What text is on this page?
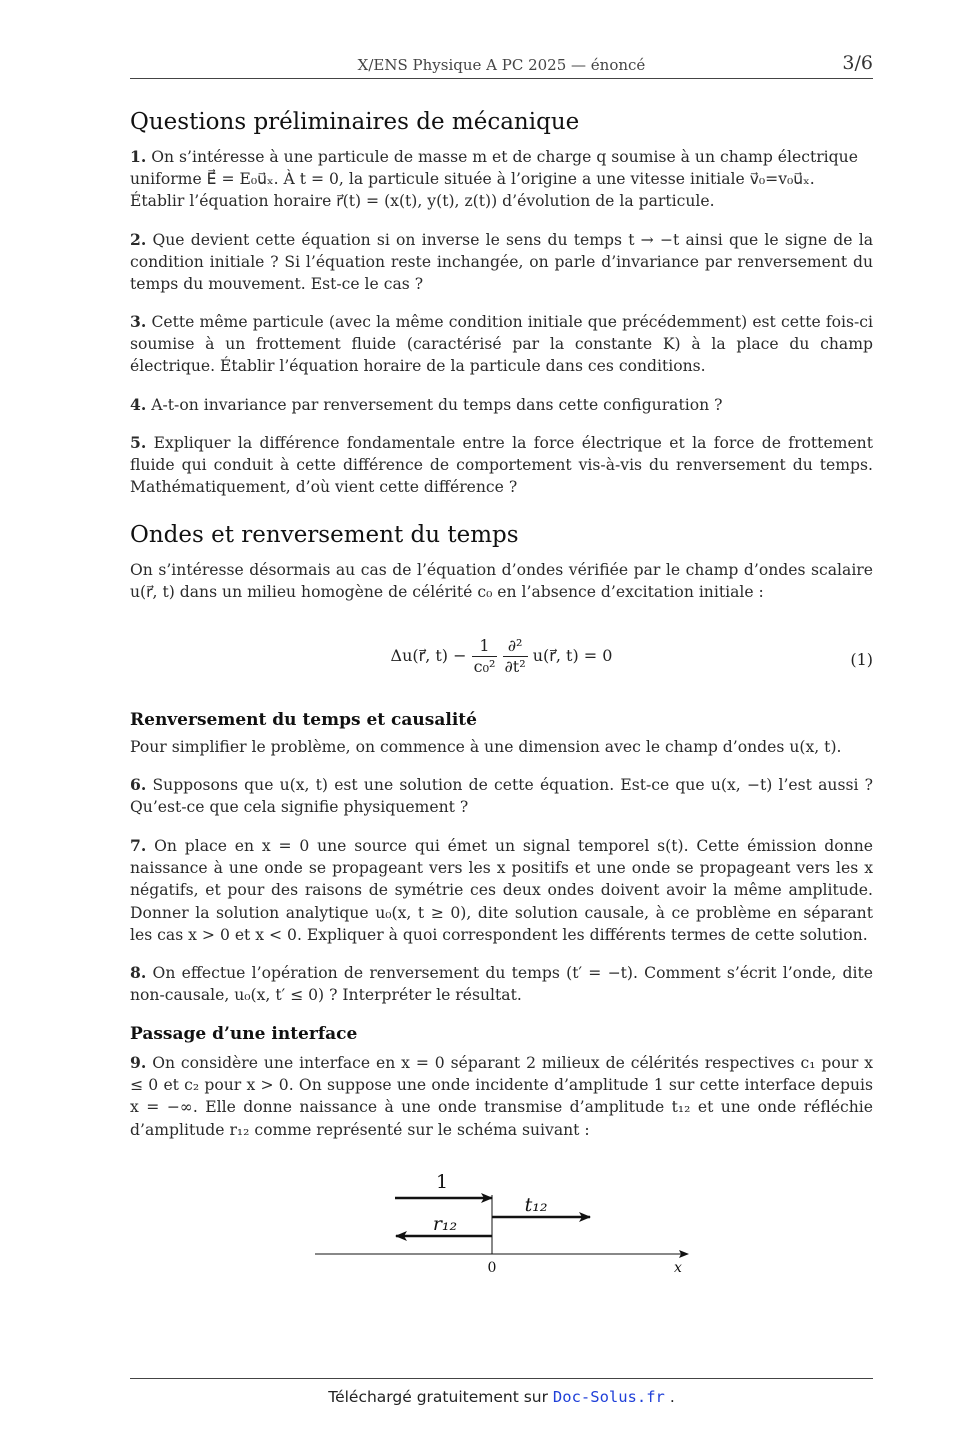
X/ENS Physique A PC 2025 — énoncé	3/6
Questions préliminaires de mécanique

1. On s’intéresse à une particule de masse m et de charge q soumise à un champ électrique
uniforme E⃗ = E₀u⃗ₓ. À t = 0, la particule située à l’origine a une vitesse initiale v⃗₀=v₀u⃗ₓ.
Établir l’équation horaire r⃗(t) = (x(t), y(t), z(t)) d’évolution de la particule.

2. Que devient cette équation si on inverse le sens du temps t → −t ainsi que le signe de la condition initiale ? Si l’équation reste inchangée, on parle d’invariance par renversement du temps du mouvement. Est-ce le cas ?

3. Cette même particule (avec la même condition initiale que précédemment) est cette fois-ci soumise à un frottement fluide (caractérisé par la constante K) à la place du champ électrique. Établir l’équation horaire de la particule dans ces conditions.

4. A-t-on invariance par renversement du temps dans cette configuration ?

5. Expliquer la différence fondamentale entre la force électrique et la force de frottement fluide qui conduit à cette différence de comportement vis-à-vis du renversement du temps. Mathématiquement, d’où vient cette différence ?

Ondes et renversement du temps

On s’intéresse désormais au cas de l’équation d’ondes vérifiée par le champ d’ondes scalaire u(r⃗, t) dans un milieu homogène de célérité c₀ en l’absence d’excitation initiale :

Δu(r⃗, $t) - \frac{1}{\text{c₀²}}$
$\frac{\text{∂²}}{\text{∂t²}}$ u(r⃗, t) = 0	(1)
Renversement du temps et causalité

Pour simplifier le problème, on commence à une dimension avec le champ d’ondes u(x, t).

6. Supposons que u(x, t) est une solution de cette équation. Est-ce que u(x, −t) l’est aussi ? Qu’est-ce que cela signifie physiquement ?

7. On place en x = 0 une source qui émet un signal temporel s(t). Cette émission donne naissance à une onde se propageant vers les x positifs et une onde se propageant vers les x négatifs, et pour des raisons de symétrie ces deux ondes doivent avoir la même amplitude. Donner la solution analytique u₀(x, t ≥ 0), dite solution causale, à ce problème en séparant les cas x > 0 et x < 0. Expliquer à quoi correspondent les différents termes de cette solution.

8. On effectue l’opération de renversement du temps (t′ = −t). Comment s’écrit l’onde, dite non-causale, u₀(x, t′ ≤ 0) ? Interpréter le résultat.

Passage d’une interface

9. On considère une interface en x = 0 séparant 2 milieux de célérités respectives c₁ pour x ≤ 0 et c₂ pour x > 0. On suppose une onde incidente d’amplitude 1 sur cette interface depuis x = −∞. Elle donne naissance à une onde transmise d’amplitude t₁₂ et une onde réfléchie d’amplitude r₁₂ comme représenté sur le schéma suivant :

1
t₁₂
r₁₂
0	x
Téléchargé gratuitement sur Doc-Solus.fr .
